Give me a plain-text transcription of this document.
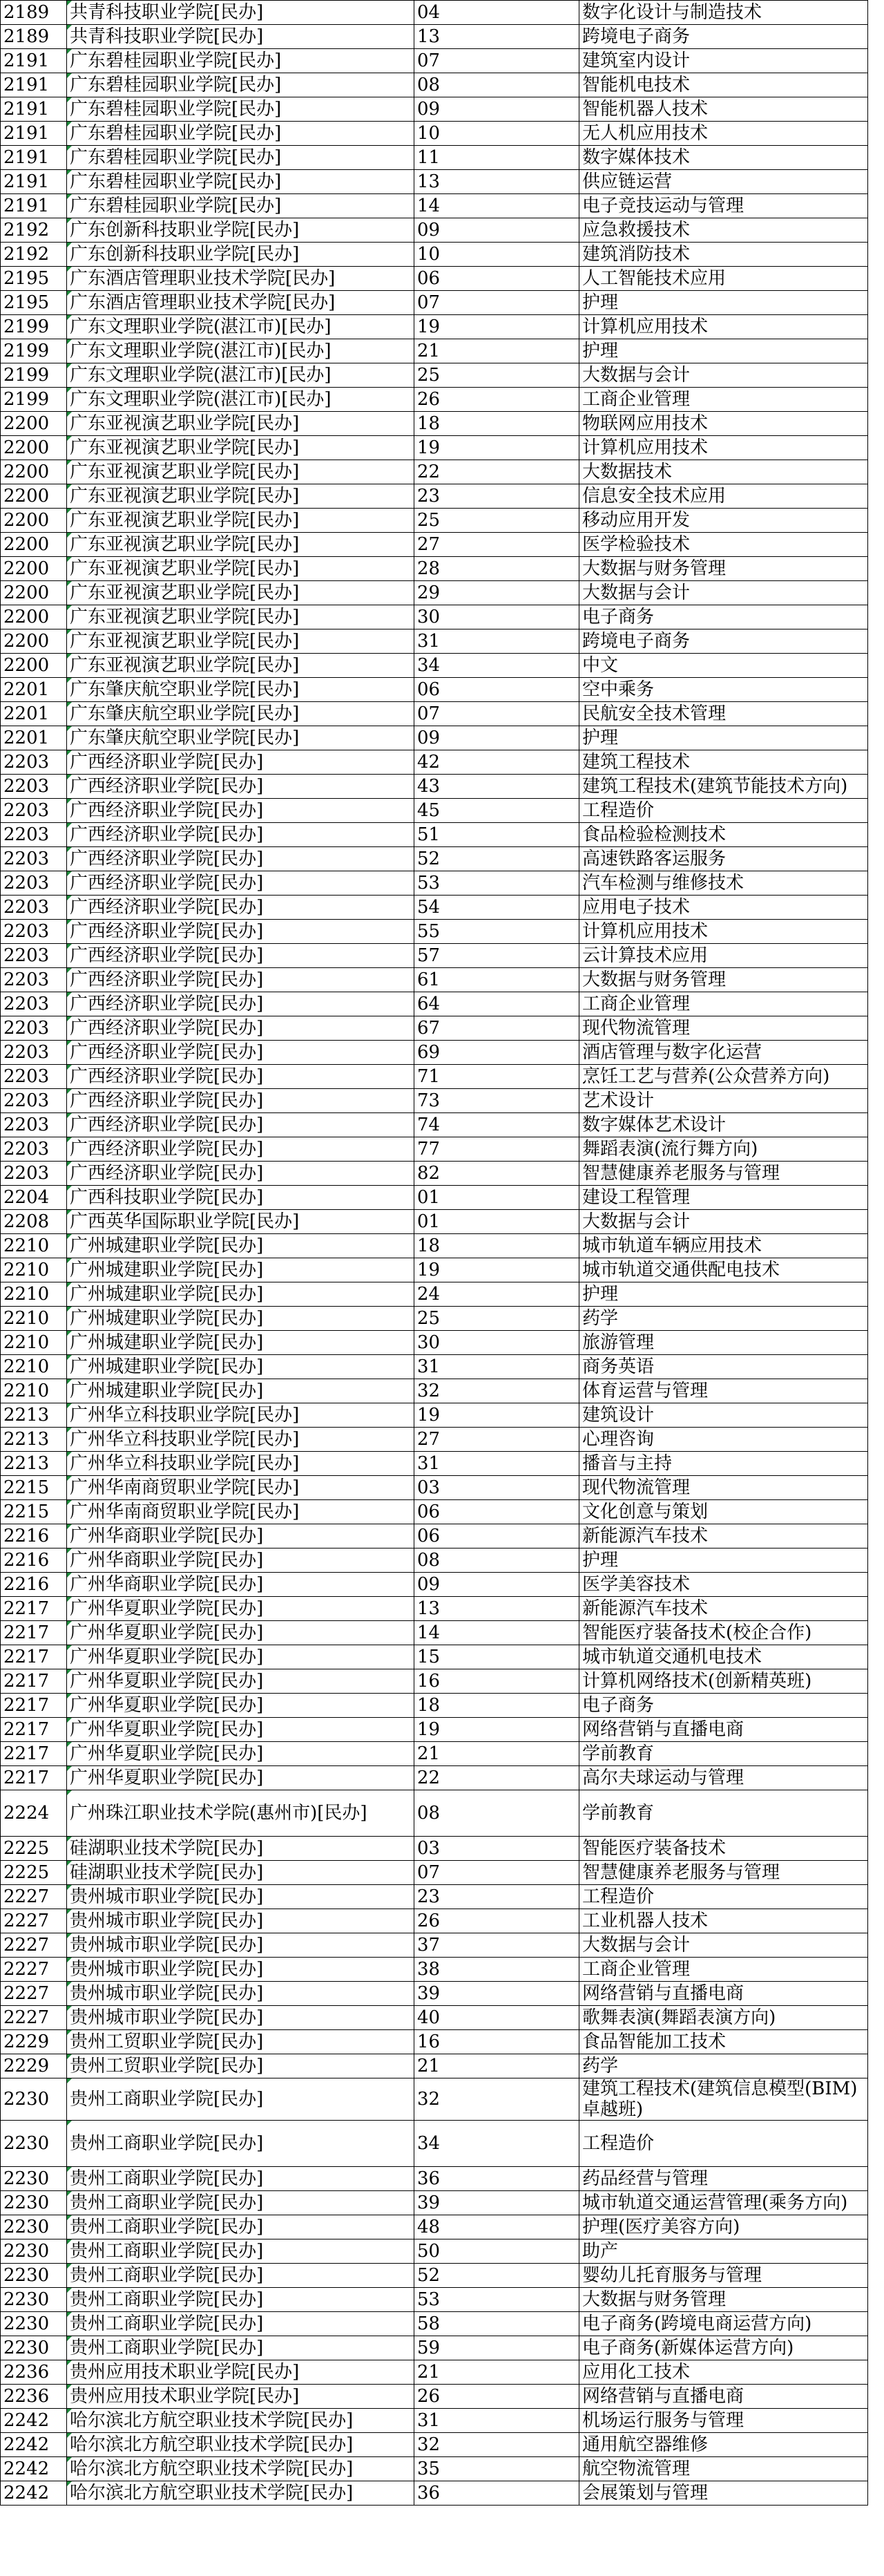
2189	共青科技职业学院[民办]	04	数字化设计与制造技术
2189	共青科技职业学院[民办]	13	跨境电子商务
2191	广东碧桂园职业学院[民办]	07	建筑室内设计
2191	广东碧桂园职业学院[民办]	08	智能机电技术
2191	广东碧桂园职业学院[民办]	09	智能机器人技术
2191	广东碧桂园职业学院[民办]	10	无人机应用技术
2191	广东碧桂园职业学院[民办]	11	数字媒体技术
2191	广东碧桂园职业学院[民办]	13	供应链运营
2191	广东碧桂园职业学院[民办]	14	电子竞技运动与管理
2192	广东创新科技职业学院[民办]	09	应急救援技术
2192	广东创新科技职业学院[民办]	10	建筑消防技术
2195	广东酒店管理职业技术学院[民办]	06	人工智能技术应用
2195	广东酒店管理职业技术学院[民办]	07	护理
2199	广东文理职业学院(湛江市)[民办]	19	计算机应用技术
2199	广东文理职业学院(湛江市)[民办]	21	护理
2199	广东文理职业学院(湛江市)[民办]	25	大数据与会计
2199	广东文理职业学院(湛江市)[民办]	26	工商企业管理
2200	广东亚视演艺职业学院[民办]	18	物联网应用技术
2200	广东亚视演艺职业学院[民办]	19	计算机应用技术
2200	广东亚视演艺职业学院[民办]	22	大数据技术
2200	广东亚视演艺职业学院[民办]	23	信息安全技术应用
2200	广东亚视演艺职业学院[民办]	25	移动应用开发
2200	广东亚视演艺职业学院[民办]	27	医学检验技术
2200	广东亚视演艺职业学院[民办]	28	大数据与财务管理
2200	广东亚视演艺职业学院[民办]	29	大数据与会计
2200	广东亚视演艺职业学院[民办]	30	电子商务
2200	广东亚视演艺职业学院[民办]	31	跨境电子商务
2200	广东亚视演艺职业学院[民办]	34	中文
2201	广东肇庆航空职业学院[民办]	06	空中乘务
2201	广东肇庆航空职业学院[民办]	07	民航安全技术管理
2201	广东肇庆航空职业学院[民办]	09	护理
2203	广西经济职业学院[民办]	42	建筑工程技术
2203	广西经济职业学院[民办]	43	建筑工程技术(建筑节能技术方向)
2203	广西经济职业学院[民办]	45	工程造价
2203	广西经济职业学院[民办]	51	食品检验检测技术
2203	广西经济职业学院[民办]	52	高速铁路客运服务
2203	广西经济职业学院[民办]	53	汽车检测与维修技术
2203	广西经济职业学院[民办]	54	应用电子技术
2203	广西经济职业学院[民办]	55	计算机应用技术
2203	广西经济职业学院[民办]	57	云计算技术应用
2203	广西经济职业学院[民办]	61	大数据与财务管理
2203	广西经济职业学院[民办]	64	工商企业管理
2203	广西经济职业学院[民办]	67	现代物流管理
2203	广西经济职业学院[民办]	69	酒店管理与数字化运营
2203	广西经济职业学院[民办]	71	烹饪工艺与营养(公众营养方向)
2203	广西经济职业学院[民办]	73	艺术设计
2203	广西经济职业学院[民办]	74	数字媒体艺术设计
2203	广西经济职业学院[民办]	77	舞蹈表演(流行舞方向)
2203	广西经济职业学院[民办]	82	智慧健康养老服务与管理
2204	广西科技职业学院[民办]	01	建设工程管理
2208	广西英华国际职业学院[民办]	01	大数据与会计
2210	广州城建职业学院[民办]	18	城市轨道车辆应用技术
2210	广州城建职业学院[民办]	19	城市轨道交通供配电技术
2210	广州城建职业学院[民办]	24	护理
2210	广州城建职业学院[民办]	25	药学
2210	广州城建职业学院[民办]	30	旅游管理
2210	广州城建职业学院[民办]	31	商务英语
2210	广州城建职业学院[民办]	32	体育运营与管理
2213	广州华立科技职业学院[民办]	19	建筑设计
2213	广州华立科技职业学院[民办]	27	心理咨询
2213	广州华立科技职业学院[民办]	31	播音与主持
2215	广州华南商贸职业学院[民办]	03	现代物流管理
2215	广州华南商贸职业学院[民办]	06	文化创意与策划
2216	广州华商职业学院[民办]	06	新能源汽车技术
2216	广州华商职业学院[民办]	08	护理
2216	广州华商职业学院[民办]	09	医学美容技术
2217	广州华夏职业学院[民办]	13	新能源汽车技术
2217	广州华夏职业学院[民办]	14	智能医疗装备技术(校企合作)
2217	广州华夏职业学院[民办]	15	城市轨道交通机电技术
2217	广州华夏职业学院[民办]	16	计算机网络技术(创新精英班)
2217	广州华夏职业学院[民办]	18	电子商务
2217	广州华夏职业学院[民办]	19	网络营销与直播电商
2217	广州华夏职业学院[民办]	21	学前教育
2217	广州华夏职业学院[民办]	22	高尔夫球运动与管理
2224	广州珠江职业技术学院(惠州市)[民办]	08	学前教育
2225	硅湖职业技术学院[民办]	03	智能医疗装备技术
2225	硅湖职业技术学院[民办]	07	智慧健康养老服务与管理
2227	贵州城市职业学院[民办]	23	工程造价
2227	贵州城市职业学院[民办]	26	工业机器人技术
2227	贵州城市职业学院[民办]	37	大数据与会计
2227	贵州城市职业学院[民办]	38	工商企业管理
2227	贵州城市职业学院[民办]	39	网络营销与直播电商
2227	贵州城市职业学院[民办]	40	歌舞表演(舞蹈表演方向)
2229	贵州工贸职业学院[民办]	16	食品智能加工技术
2229	贵州工贸职业学院[民办]	21	药学
2230	贵州工商职业学院[民办]	32	建筑工程技术(建筑信息模型(BIM)卓越班)
2230	贵州工商职业学院[民办]	34	工程造价
2230	贵州工商职业学院[民办]	36	药品经营与管理
2230	贵州工商职业学院[民办]	39	城市轨道交通运营管理(乘务方向)
2230	贵州工商职业学院[民办]	48	护理(医疗美容方向)
2230	贵州工商职业学院[民办]	50	助产
2230	贵州工商职业学院[民办]	52	婴幼儿托育服务与管理
2230	贵州工商职业学院[民办]	53	大数据与财务管理
2230	贵州工商职业学院[民办]	58	电子商务(跨境电商运营方向)
2230	贵州工商职业学院[民办]	59	电子商务(新媒体运营方向)
2236	贵州应用技术职业学院[民办]	21	应用化工技术
2236	贵州应用技术职业学院[民办]	26	网络营销与直播电商
2242	哈尔滨北方航空职业技术学院[民办]	31	机场运行服务与管理
2242	哈尔滨北方航空职业技术学院[民办]	32	通用航空器维修
2242	哈尔滨北方航空职业技术学院[民办]	35	航空物流管理
2242	哈尔滨北方航空职业技术学院[民办]	36	会展策划与管理
